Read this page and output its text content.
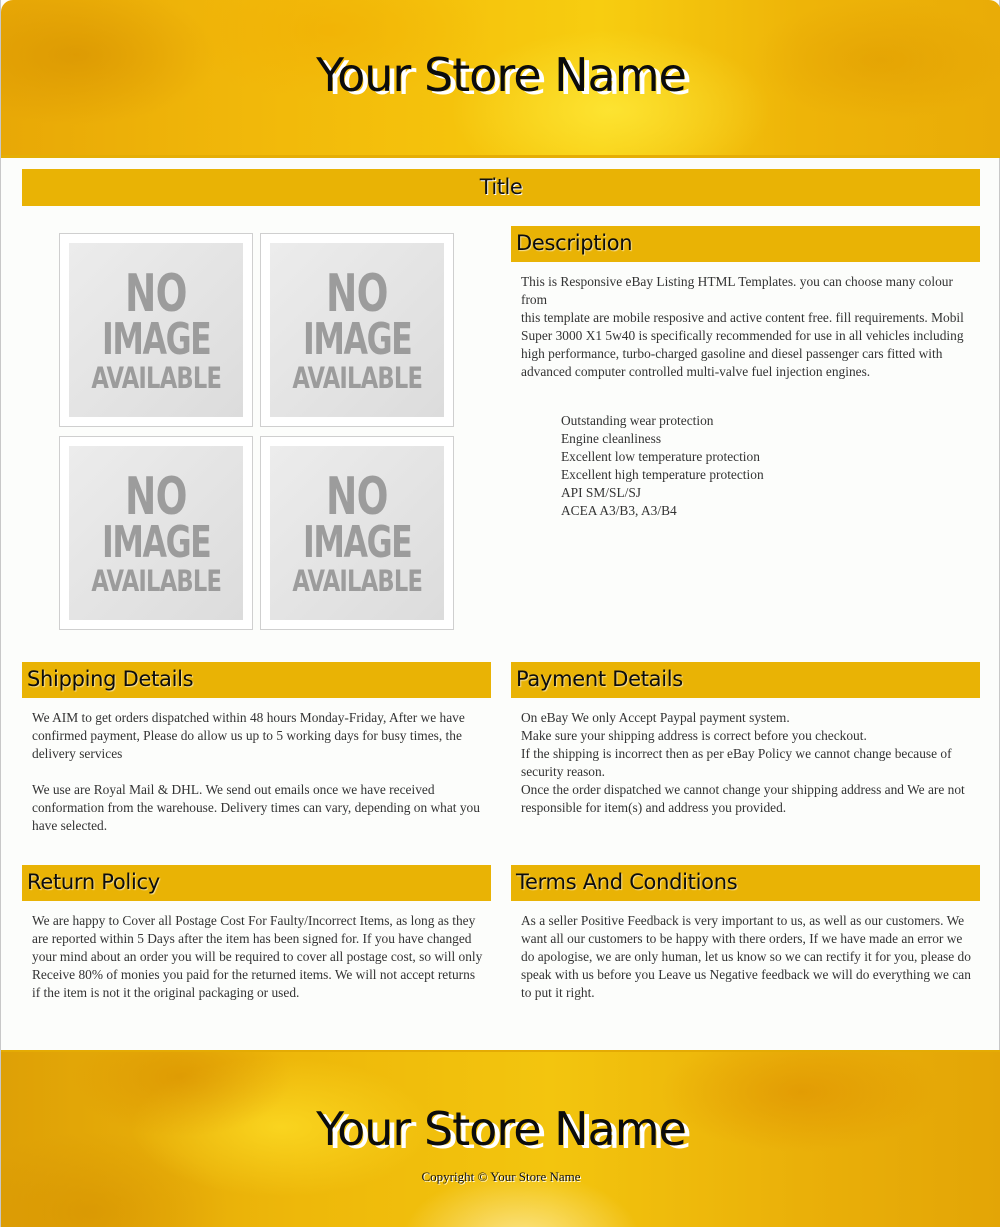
Your Store Name
Title
NO
IMAGE
AVAILABLE
NO
IMAGE
AVAILABLE
NO
IMAGE
AVAILABLE
NO
IMAGE
AVAILABLE
Description

This is Responsive eBay Listing HTML Templates. you can choose many colour from

this template are mobile resposive and active content free. fill requirements. Mobil Super 3000 X1 5w40 is specifically recommended for use in all vehicles including high performance, turbo-charged gasoline and diesel passenger cars fitted with advanced computer controlled multi-valve fuel injection engines.

Outstanding wear protection
Engine cleanliness
Excellent low temperature protection
Excellent high temperature protection
API SM/SL/SJ
ACEA A3/B3, A3/B4
Shipping Details

We AIM to get orders dispatched within 48 hours Monday-Friday, After we have confirmed payment, Please do allow us up to 5 working days for busy times, the delivery services

We use are Royal Mail & DHL. We send out emails once we have received conformation from the warehouse. Delivery times can vary, depending on what you have selected.

Payment Details

On eBay We only Accept Paypal payment system.

Make sure your shipping address is correct before you checkout.

If the shipping is incorrect then as per eBay Policy we cannot change because of security reason.

Once the order dispatched we cannot change your shipping address and We are not responsible for item(s) and address you provided.

Return Policy

We are happy to Cover all Postage Cost For Faulty/Incorrect Items, as long as they are reported within 5 Days after the item has been signed for. If you have changed your mind about an order you will be required to cover all postage cost, so will only Receive 80% of monies you paid for the returned items. We will not accept returns if the item is not it the original packaging or used.

Terms And Conditions

As a seller Positive Feedback is very important to us, as well as our customers. We want all our customers to be happy with there orders, If we have made an error we do apologise, we are only human, let us know so we can rectify it for you, please do speak with us before you Leave us Negative feedback we will do everything we can to put it right.

Your Store Name
Copyright © Your Store Name
